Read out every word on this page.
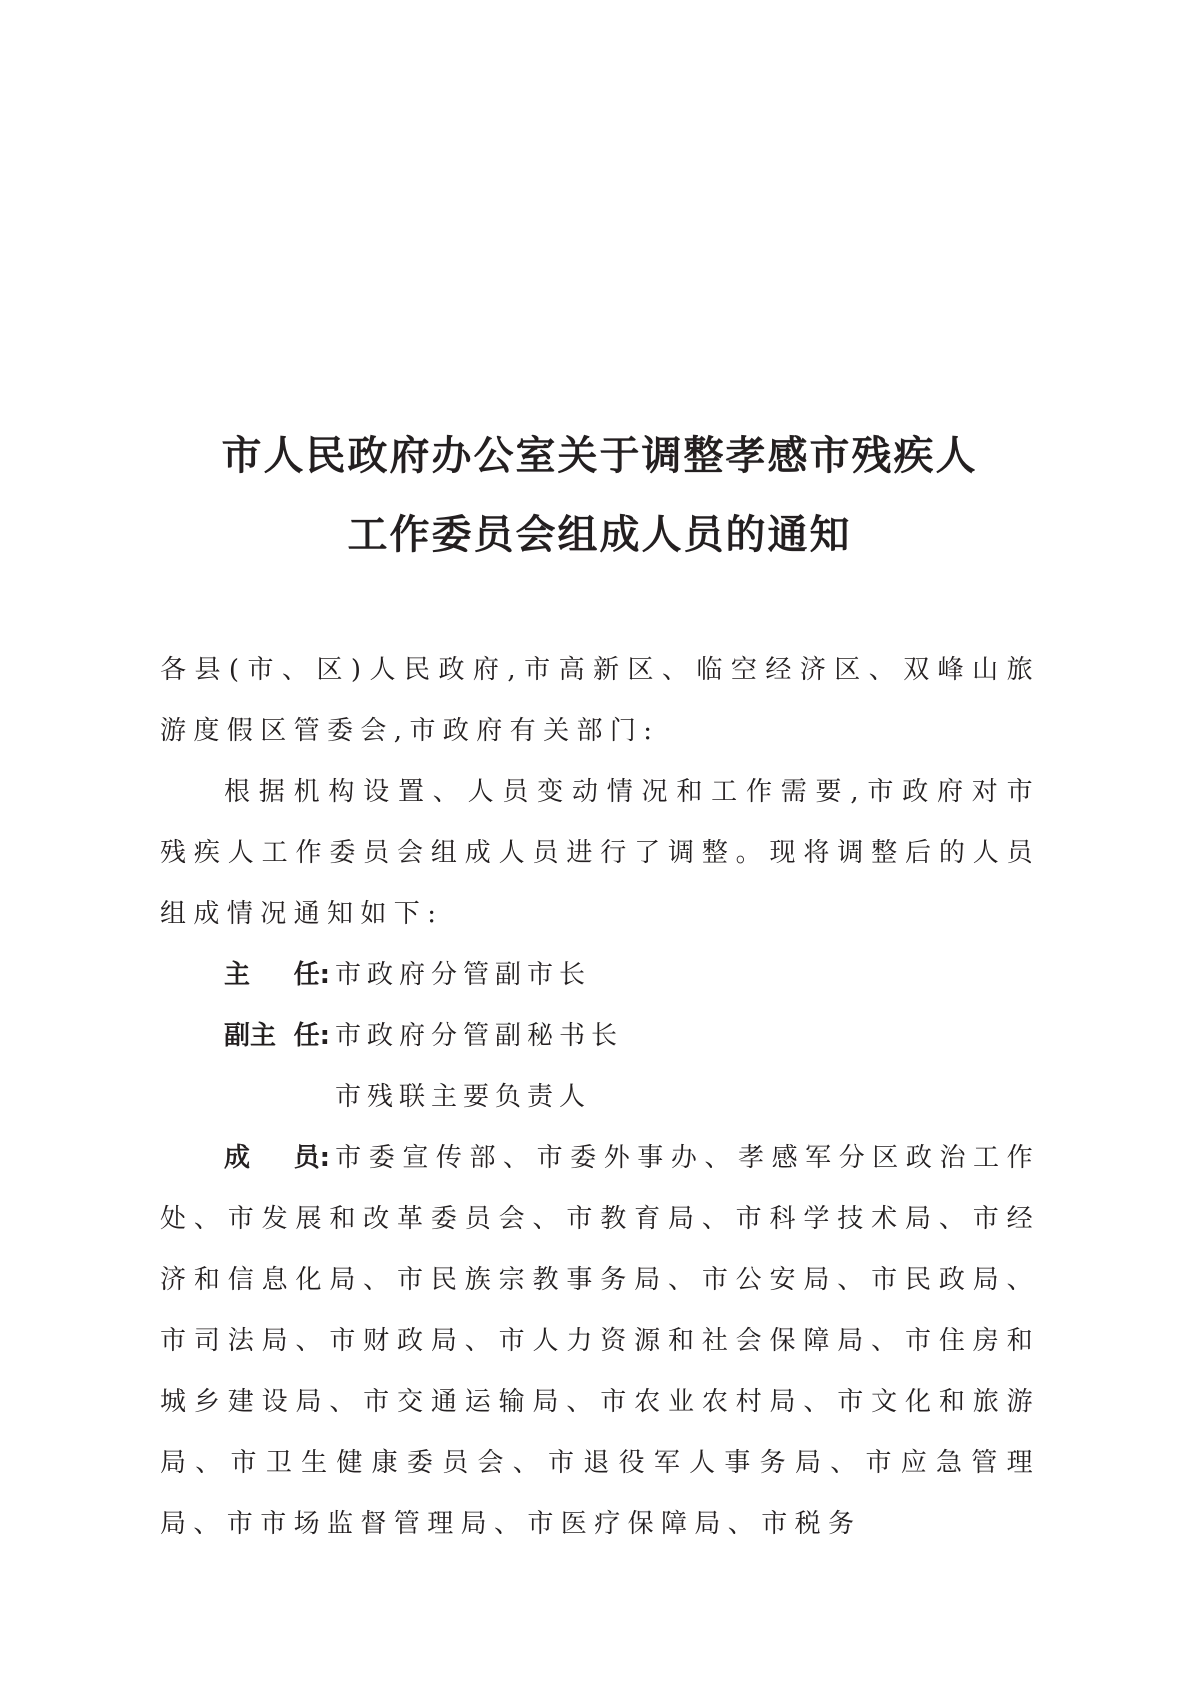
市人民政府办公室关于调整孝感市残疾人
工作委员会组成人员的通知

各县(市、区)人民政府,市高新区、临空经济区、双峰山旅游度假区管委会,市政府有关部门:

根据机构设置、人员变动情况和工作需要,市政府对市残疾人工作委员会组成人员进行了调整。现将调整后的人员组成情况通知如下:

主 任: 市政府分管副市长
副主 任: 市政府分管副秘书长
市残联主要负责人

成 员: 市委宣传部、市委外事办、孝感军分区政治工作处、市发展和改革委员会、市教育局、市科学技术局、市经济和信息化局、市民族宗教事务局、市公安局、市民政局、市司法局、市财政局、市人力资源和社会保障局、市住房和城乡建设局、市交通运输局、市农业农村局、市文化和旅游局、市卫生健康委员会、市退役军人事务局、市应急管理局、市市场监督管理局、市医疗保障局、市税务
